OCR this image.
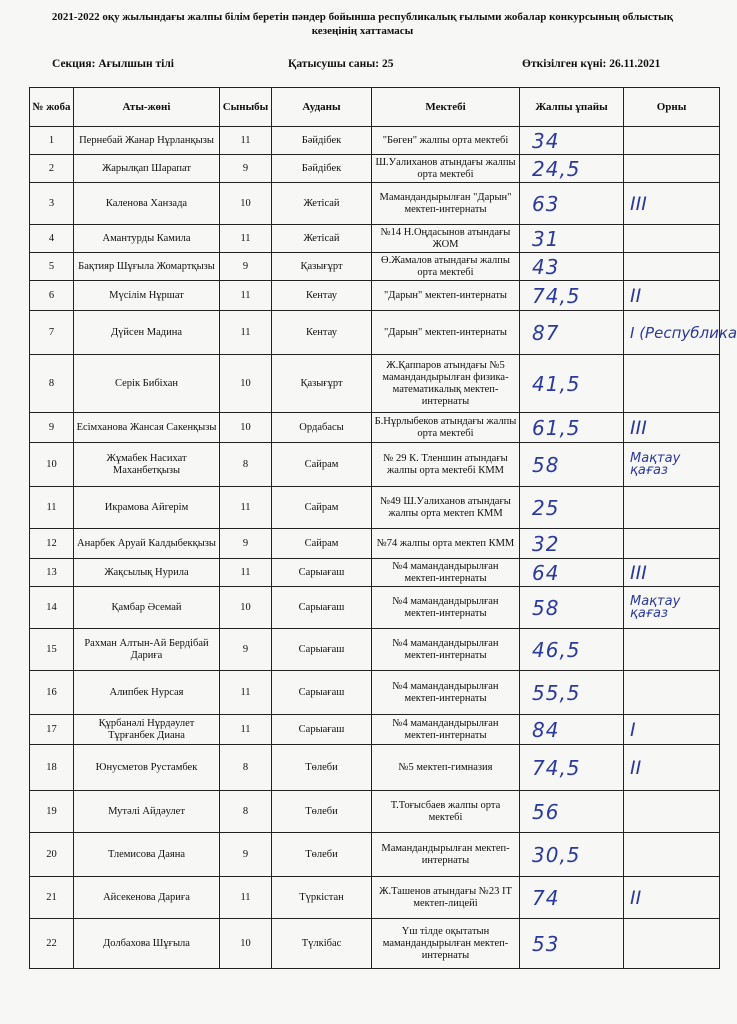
2021-2022 оқу жылындағы жалпы білім беретін пәндер бойынша республикалық ғылыми жобалар конкурсының облыстық
кезеңінің хаттамасы
Секция: Ағылшын тілі	Қатысушы саны: 25	Өткізілген күні: 26.11.2021
№ жоба	Аты-жөні	Сыныбы	Ауданы	Мектебі	Жалпы ұпайы	Орны
1	Пернебай Жанар Нұрланқызы	11	Бәйдібек	"Бөген" жалпы орта мектебі	34	
2	Жарылқап Шарапат	9	Бәйдібек	Ш.Уалиханов атындағы жалпы орта мектебі	24,5	
3	Каленова Ханзада	10	Жетісай	Мамандандырылған "Дарын" мектеп-интернаты	63	III
4	Амантурды Камила	11	Жетісай	№14 Н.Оңдасынов атындағы ЖОМ	31	
5	Бақтияр Шұғыла Жомартқызы	9	Қазығұрт	Ө.Жамалов атындағы жалпы орта мектебі	43	
6	Мүсілім Нұршат	11	Кентау	"Дарын" мектеп-интернаты	74,5	II
7	Дүйсен Мадина	11	Кентау	"Дарын" мектеп-интернаты	87	I (Республика
8	Серік Бибіхан	10	Қазығұрт	Ж.Қаппаров атындағы №5 мамандандырылған физика-математикалық мектеп-интернаты	41,5	
9	Есімханова Жансая Сакенқызы	10	Ордабасы	Б.Нұрлыбеков атындағы жалпы орта мектебі	61,5	III
10	Жұмабек Насихат Маханбетқызы	8	Сайрам	№ 29 К. Тленшин атындағы жалпы орта мектебі КММ	58	Мақтау қағаз
11	Икрамова Айгерім	11	Сайрам	№49 Ш.Уалиханов атындағы жалпы орта мектеп КММ	25	
12	Анарбек Аруай Калдыбекқызы	9	Сайрам	№74 жалпы орта мектеп КММ	32	
13	Жақсылық Нурила	11	Сарыағаш	№4 мамандандырылған мектеп-интернаты	64	III
14	Қамбар Әсемай	10	Сарыағаш	№4 мамандандырылған мектеп-интернаты	58	Мақтау қағаз
15	Рахман Алтын-Ай Бердібай Дариға	9	Сарыағаш	№4 мамандандырылған мектеп-интернаты	46,5	
16	Алипбек Нурсая	11	Сарыағаш	№4 мамандандырылған мектеп-интернаты	55,5	
17	Құрбанәлі Нұрдәулет Тұрғанбек Диана	11	Сарыағаш	№4 мамандандырылған мектеп-интернаты	84	I
18	Юнусметов Рустамбек	8	Төлеби	№5 мектеп-гимназия	74,5	II
19	Мутәлі Айдәулет	8	Төлеби	Т.Тоғысбаев жалпы орта мектебі	56	
20	Тлемисова Даяна	9	Төлеби	Мамандандырылған мектеп-интернаты	30,5	
21	Айсекенова Дариға	11	Түркістан	Ж.Ташенов атындағы №23 IT мектеп-лицейі	74	II
22	Долбахова Шұғыла	10	Түлкібас	Үш тілде оқытатын мамандандырылған мектеп-интернаты	53	
